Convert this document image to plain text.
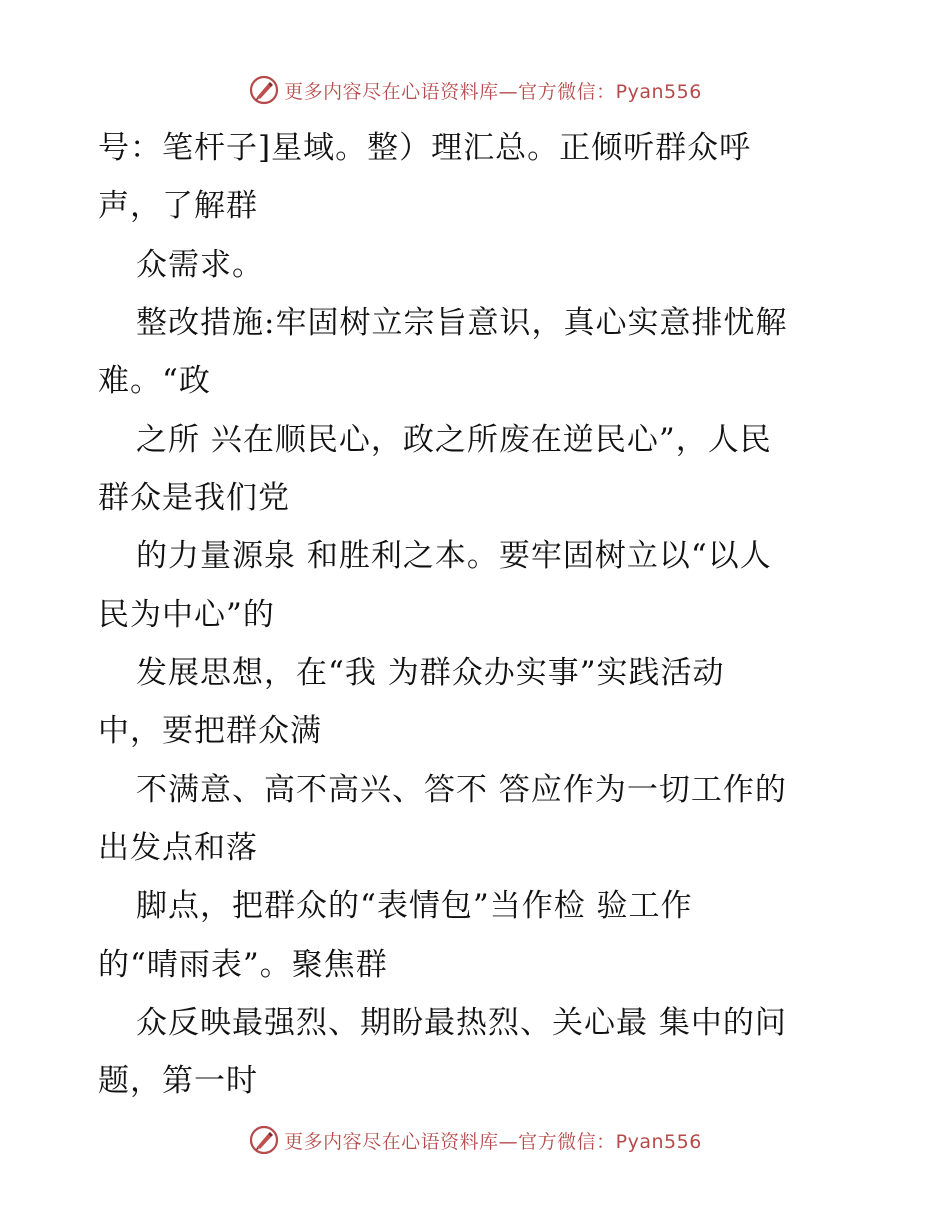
更多内容尽在心语资料库—官方微信：Pyan556
号：笔杆子]星域。整）理汇总。正倾听群众呼
声，了解群
众需求。
整改措施:牢固树立宗旨意识，真心实意排忧解
难。“政
之所 兴在顺民心，政之所废在逆民心”，人民
群众是我们党
的力量源泉 和胜利之本。要牢固树立以“以人
民为中心”的
发展思想，在“我 为群众办实事”实践活动
中，要把群众满
不满意、高不高兴、答不 答应作为一切工作的
出发点和落
脚点，把群众的“表情包”当作检 验工作
的“晴雨表”。聚焦群
众反映最强烈、期盼最热烈、关心最 集中的问
题，第一时
更多内容尽在心语资料库—官方微信：Pyan556
